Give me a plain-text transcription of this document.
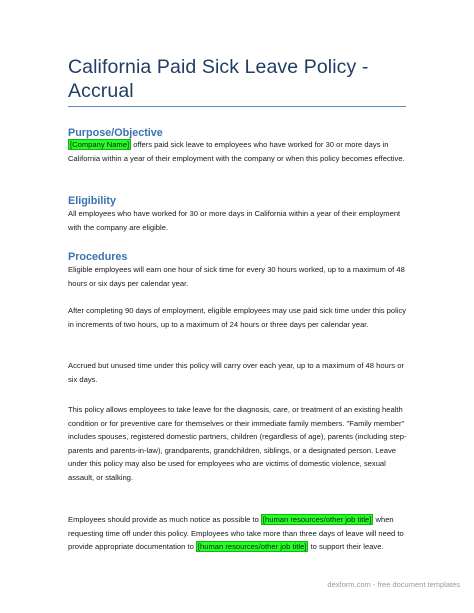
California Paid Sick Leave Policy - Accrual
Purpose/Objective

[Company Name] offers paid sick leave to employees who have worked for 30 or more days in California within a year of their employment with the company or when this policy becomes effective.

Eligibility

All employees who have worked for 30 or more days in California within a year of their employment with the company are eligible.

Procedures

Eligible employees will earn one hour of sick time for every 30 hours worked, up to a maximum of 48 hours or six days per calendar year.

After completing 90 days of employment, eligible employees may use paid sick time under this policy in increments of two hours, up to a maximum of 24 hours or three days per calendar year.

Accrued but unused time under this policy will carry over each year, up to a maximum of 48 hours or six days.

This policy allows employees to take leave for the diagnosis, care, or treatment of an existing health condition or for preventive care for themselves or their immediate family members. "Family member" includes spouses, registered domestic partners, children (regardless of age), parents (including step-parents and parents-in-law), grandparents, grandchildren, siblings, or a designated person. Leave under this policy may also be used for employees who are victims of domestic violence, sexual assault, or stalking.

Employees should provide as much notice as possible to [human resources/other job title] when requesting time off under this policy. Employees who take more than three days of leave will need to provide appropriate documentation to [human resources/other job title] to support their leave.

dexform.com - free document templates
